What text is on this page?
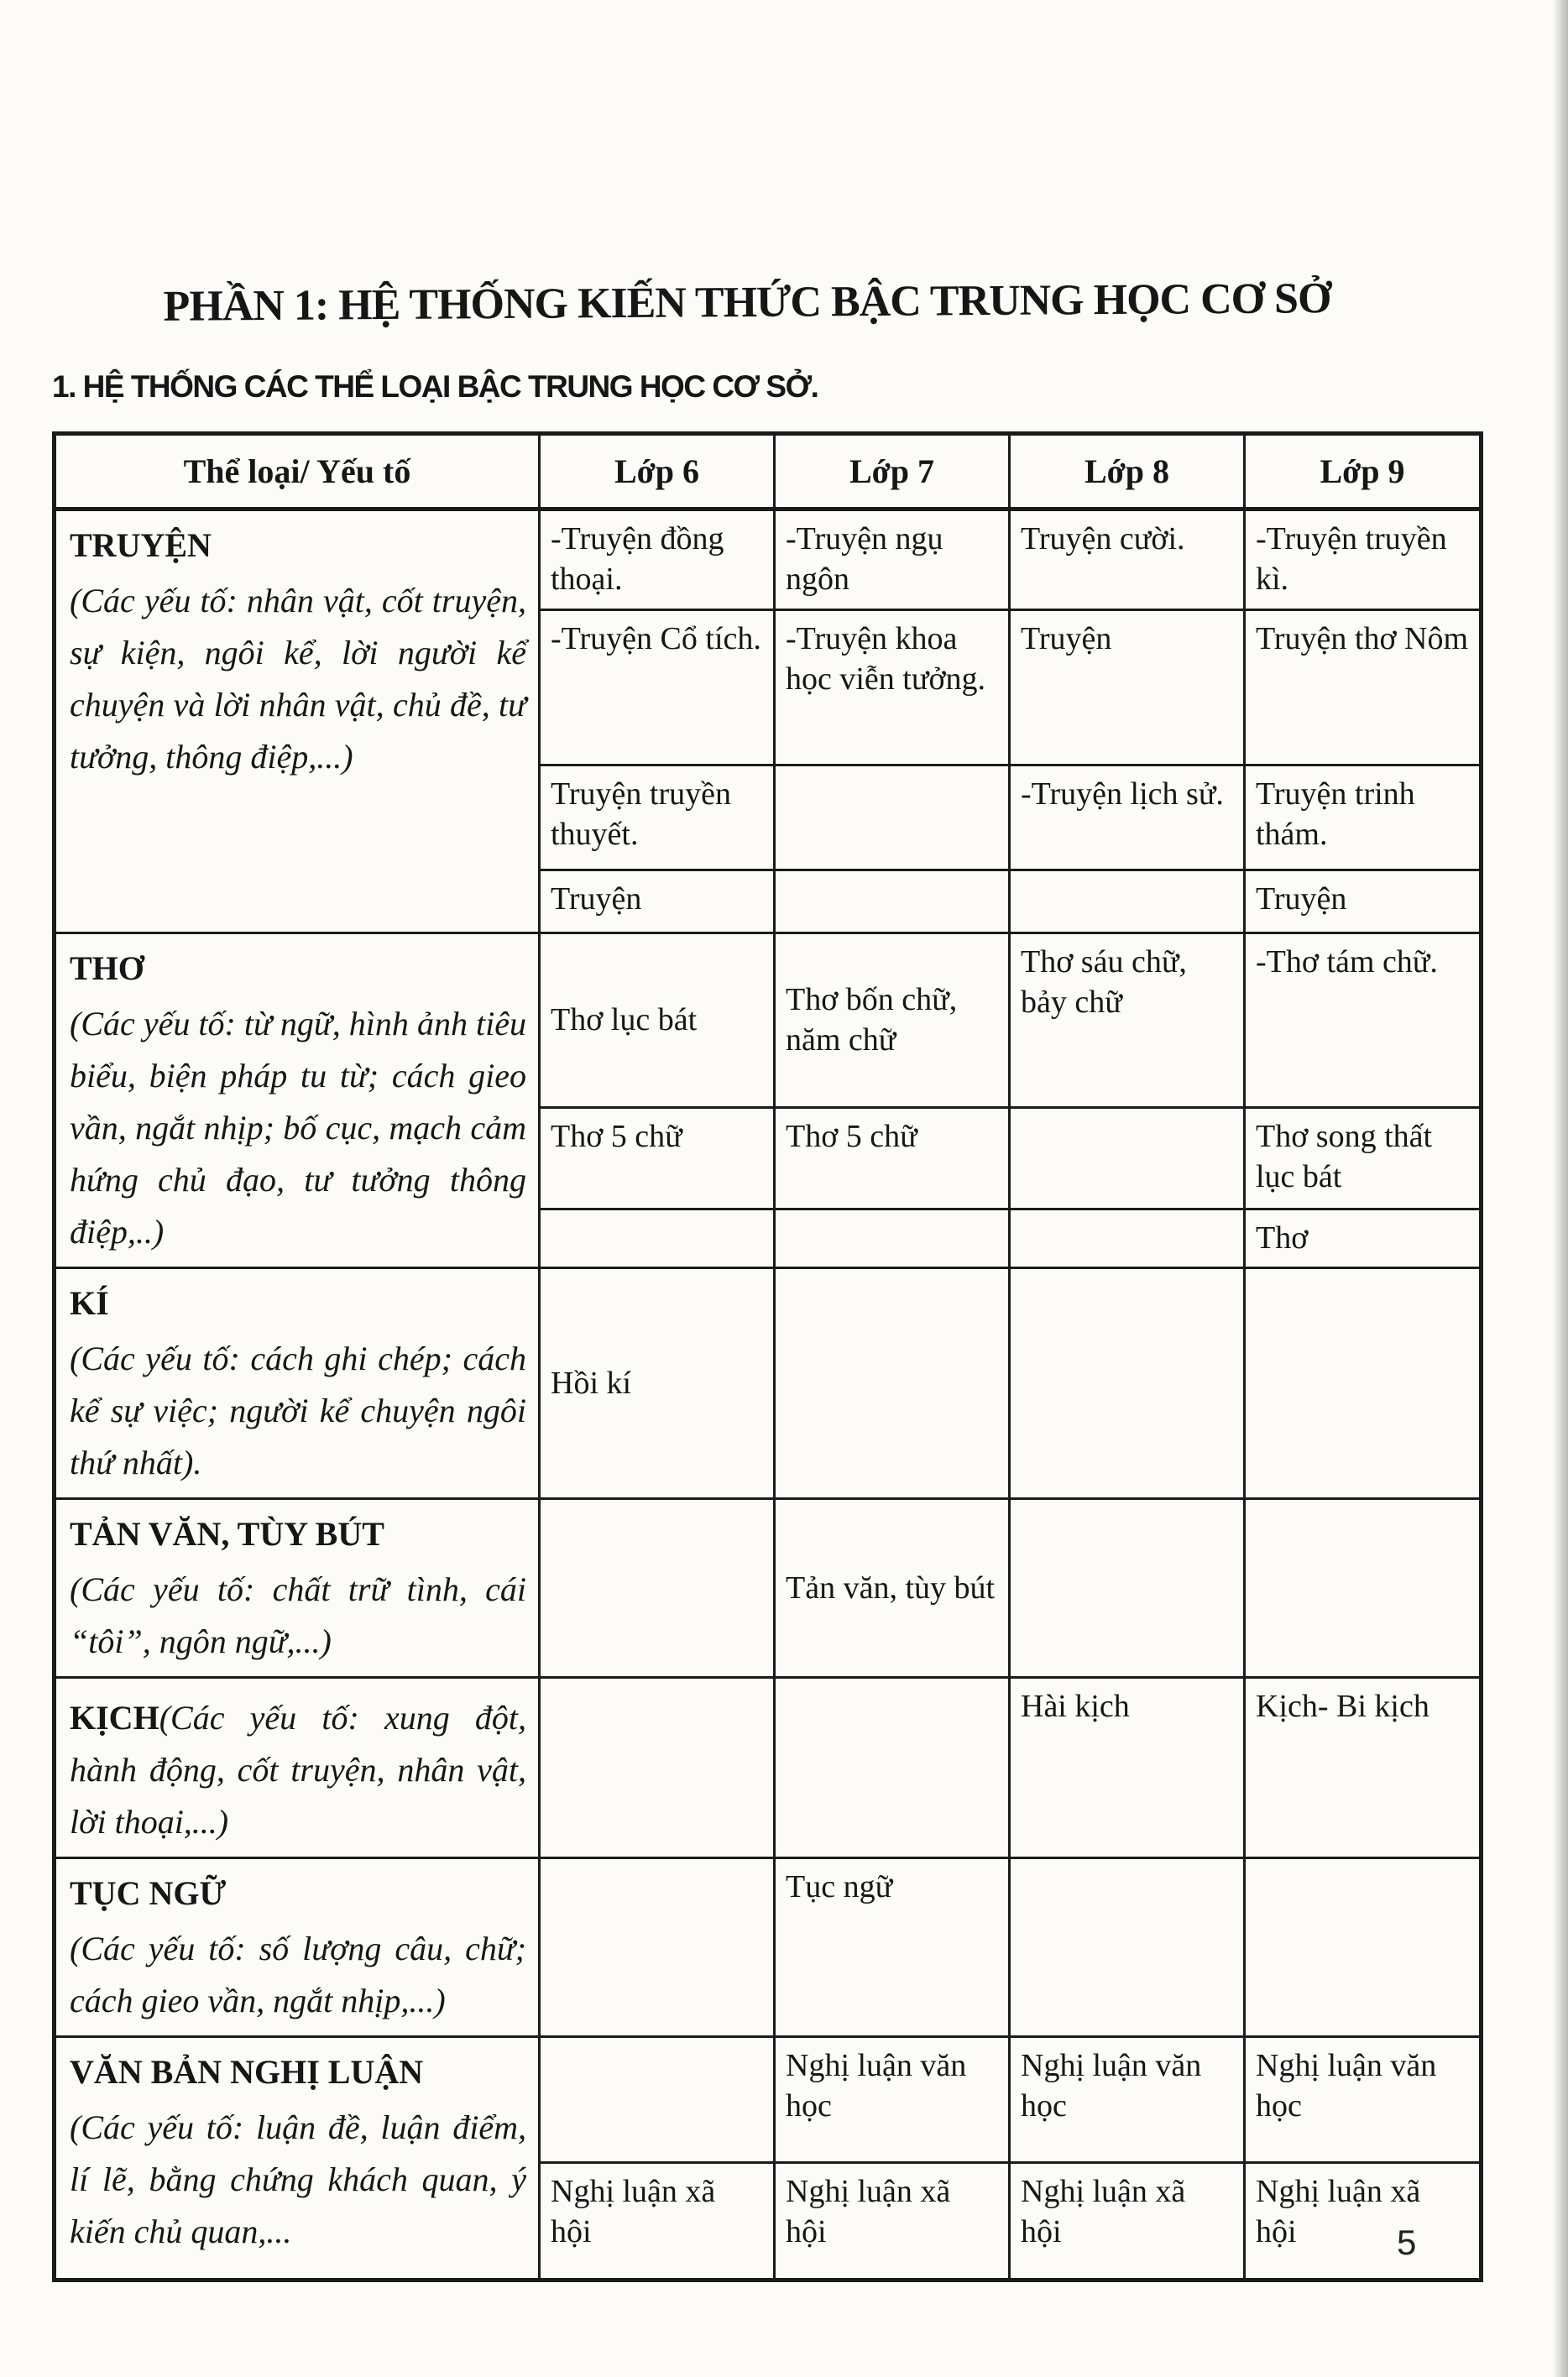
PHẦN 1: HỆ THỐNG KIẾN THỨC BẬC TRUNG HỌC CƠ SỞ
1. HỆ THỐNG CÁC THỂ LOẠI BẬC TRUNG HỌC CƠ SỞ.
Thể loại/ Yếu tố	Lớp 6	Lớp 7	Lớp 8	Lớp 9

TRUYỆN
(Các yếu tố: nhân vật, cốt truyện, sự kiện, ngôi kể, lời người kể chuyện và lời nhân vật, chủ đề, tư tưởng, thông điệp,...)	-Truyện đồng thoại.	-Truyện ngụ ngôn	Truyện cười.	-Truyện truyền kì.
	-Truyện Cổ tích.	-Truyện khoa học viễn tưởng.	Truyện	Truyện thơ Nôm
	Truyện truyền thuyết.		-Truyện lịch sử.	Truyện trinh thám.
	Truyện			Truyện

THƠ
(Các yếu tố: từ ngữ, hình ảnh tiêu biểu, biện pháp tu từ; cách gieo vần, ngắt nhịp; bố cục, mạch cảm hứng chủ đạo, tư tưởng thông điệp,..)	Thơ lục bát	Thơ bốn chữ, năm chữ	Thơ sáu chữ, bảy chữ	-Thơ tám chữ.
	Thơ 5 chữ	Thơ 5 chữ		Thơ song thất lục bát
				Thơ

KÍ
(Các yếu tố: cách ghi chép; cách kể sự việc; người kể chuyện ngôi thứ nhất).	Hồi kí			

TẢN VĂN, TÙY BÚT
(Các yếu tố: chất trữ tình, cái “tôi”, ngôn ngữ,...)		Tản văn, tùy bút		
KỊCH(Các yếu tố: xung đột, hành động, cốt truyện, nhân vật, lời thoại,...)			Hài kịch	Kịch- Bi kịch

TỤC NGỮ
(Các yếu tố: số lượng câu, chữ; cách gieo vần, ngắt nhịp,...)		Tục ngữ		

VĂN BẢN NGHỊ LUẬN
(Các yếu tố: luận đề, luận điểm, lí lẽ, bằng chứng khách quan, ý kiến chủ quan,...		Nghị luận văn học	Nghị luận văn học	Nghị luận văn học
	Nghị luận xã hội	Nghị luận xã hội	Nghị luận xã hội	Nghị luận xã hội	5
